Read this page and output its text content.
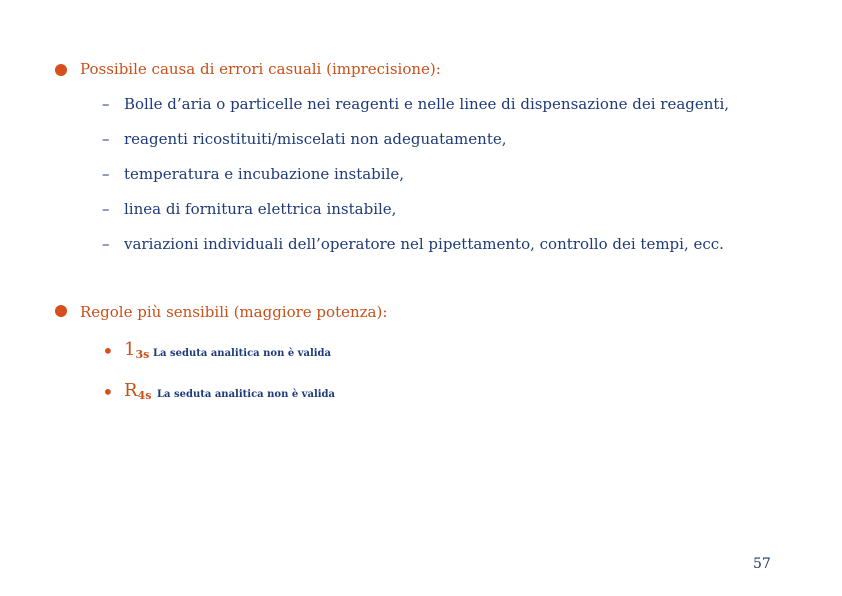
Possibile causa di errori casuali (imprecisione):
– Bolle d’aria o particelle nei reagenti e nelle linee di dispensazione dei reagenti,
– reagenti ricostituiti/miscelati non adeguatamente,
– temperatura e incubazione instabile,
– linea di fornitura elettrica instabile,
– variazioni individuali dell’operatore nel pipettamento, controllo dei tempi, ecc.
Regole più sensibili (maggiore potenza):
• $1_{3s}$ La seduta analitica non è valida
• $R_{4s}$ La seduta analitica non è valida
57
